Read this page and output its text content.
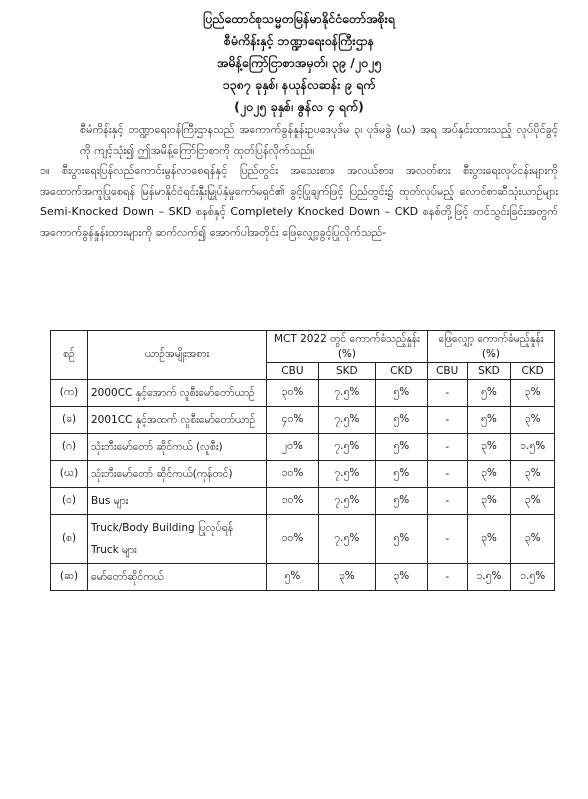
ပြည်ထောင်စုသမ္မတမြန်မာနိုင်ငံတော်အစိုးရ
စီမံကိန်းနှင့် ဘဏ္ဍာရေးဝန်ကြီးဌာန
အမိန့်ကြော်ငြာစာအမှတ်၊ ၃၉ /၂၀၂၅
၁၃၈၇ ခုနှစ်၊ နယုန်လဆန်း ၉ ရက်
(၂၀၂၅ ခုနှစ်၊ ဇွန်လ ၄ ရက်)

စီမံကိန်းနှင့် ဘဏ္ဍာရေးဝန်ကြီးဌာနသည် အကောက်ခွန်နှုန်းဥပဒေပုဒ်မ ၃၊ ပုဒ်မခွဲ (ဃ) အရ အပ်နှင်းထားသည့် လုပ်ပိုင်ခွင့်ကို ကျင့်သုံး၍ ဤအမိန့်ကြော်ငြာစာကို ထုတ်ပြန်လိုက်သည်။

၁။ စီးပွားရေးပြန်လည်ကောင်းမွန်လာစေရန်နှင့် ပြည်တွင်း အသေးစား၊ အလယ်စား၊ အလတ်စား စီးပွားရေးလုပ်ငန်းများကို အထောက်အကူပြုစေရန် မြန်မာနိုင်ငံရင်းနှီးမြှုပ်နှံမှုကော်မရှင်၏ ခွင့်ပြုချက်ဖြင့် ပြည်တွင်း၌ ထုတ်လုပ်မည့် လောင်စာဆီသုံးယာဉ်များ Semi-Knocked Down – SKD စနစ်နှင့် Completely Knocked Down – CKD စနစ်တို့ဖြင့် တင်သွင်းခြင်းအတွက် အကောက်ခွန်နှုန်းထားများကို ဆက်လက်၍ အောက်ပါအတိုင်း ဖြေလျှော့ခွင့်ပြုလိုက်သည်-

စဉ်	ယာဉ်အမျိုးအစား	MCT 2022 တွင် ကောက်ခံသည့်နှုန်း (%)			ဖြေလျှော့ ကောက်ခံမည့်နှုန်း (%)		
		CBU	SKD	CKD	CBU	SKD	CKD
(က)	2000CC နှင့်အောက် လူစီးမော်တော်ယာဉ်	၃၀%	၇.၅%	၅%	-	၅%	၃%
(ခ)	2001CC နှင့်အထက် လူစီးမော်တော်ယာဉ်	၄၀%	၇.၅%	၅%	-	၅%	၃%
(ဂ)	သုံးဘီးမော်တော် ဆိုင်ကယ် (လူစီး)	၂၀%	၇.၅%	၅%	-	၃%	၁.၅%
(ဃ)	သုံးဘီးမော်တော် ဆိုင်ကယ်(ကုန်တင်)	၁၀%	၇.၅%	၅%	-	၃%	၃%
(င)	Bus များ	၁၀%	၇.၅%	၅%	-	၃%	၃%
(စ)	Truck/Body Building ပြုလုပ်ရန် Truck များ	၁၀%	၇.၅%	၅%	-	၃%	၃%
(ဆ)	မော်တော်ဆိုင်ကယ်	၅%	၃%	၃%	-	၁.၅%	၁.၅%
